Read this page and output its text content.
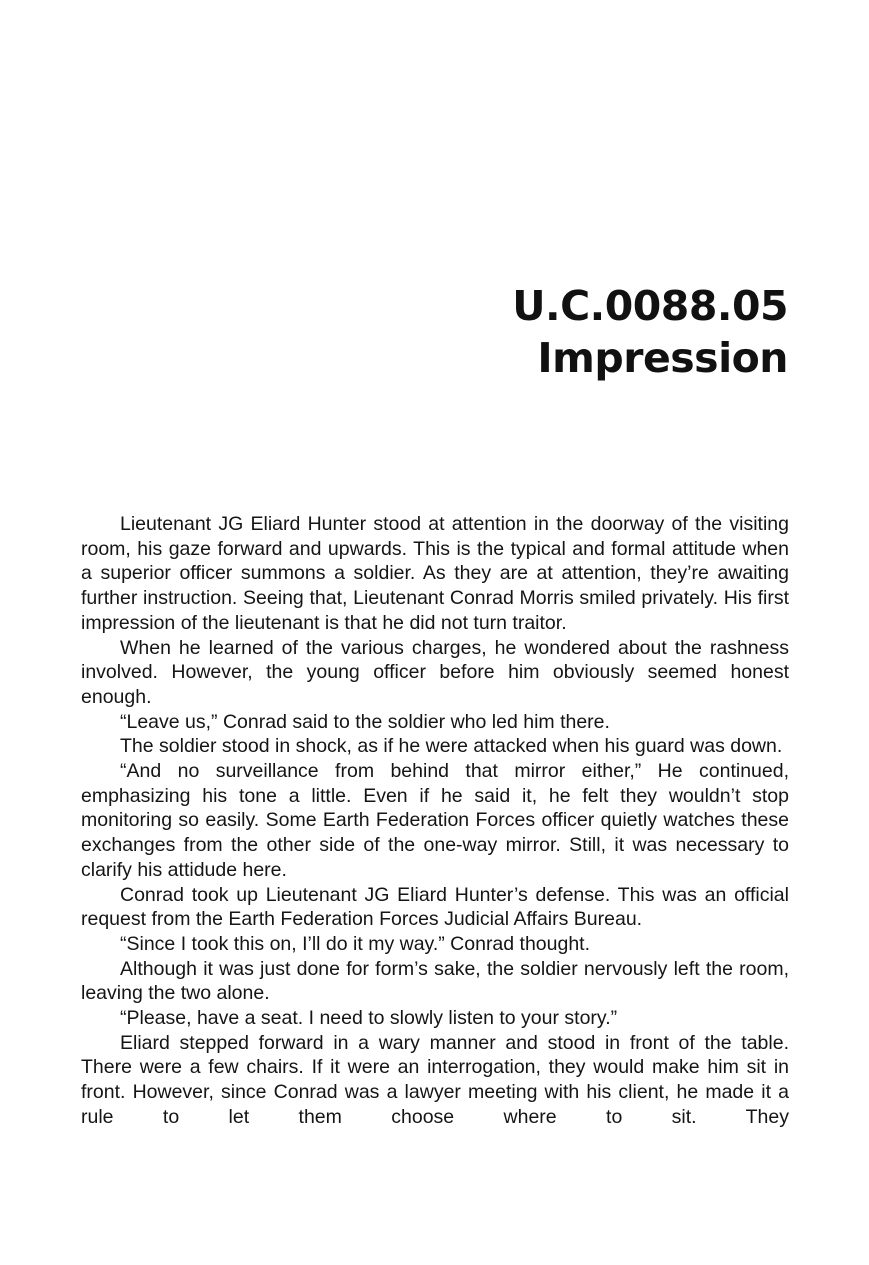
U.C.0088.05
Impression

Lieutenant JG Eliard Hunter stood at attention in the doorway of the visiting room, his gaze forward and upwards. This is the typical and formal attitude when a superior officer summons a soldier. As they are at attention, they’re awaiting further instruction. Seeing that, Lieutenant Conrad Morris smiled privately. His first impression of the lieutenant is that he did not turn traitor.

When he learned of the various charges, he wondered about the rashness involved. However, the young officer before him obviously seemed honest enough.

“Leave us,” Conrad said to the soldier who led him there.

The soldier stood in shock, as if he were attacked when his guard was down.

“And no surveillance from behind that mirror either,” He continued, emphasizing his tone a little. Even if he said it, he felt they wouldn’t stop monitoring so easily. Some Earth Federation Forces officer quietly watches these exchanges from the other side of the one-way mirror. Still, it was necessary to clarify his attidude here.

Conrad took up Lieutenant JG Eliard Hunter’s defense. This was an official request from the Earth Federation Forces Judicial Affairs Bureau.

“Since I took this on, I’ll do it my way.” Conrad thought.

Although it was just done for form’s sake, the soldier nervously left the room, leaving the two alone.

“Please, have a seat. I need to slowly listen to your story.”

Eliard stepped forward in a wary manner and stood in front of the table. There were a few chairs. If it were an interrogation, they would make him sit in front. However, since Conrad was a lawyer meeting with his client, he made it a rule to let them choose where to sit. They
